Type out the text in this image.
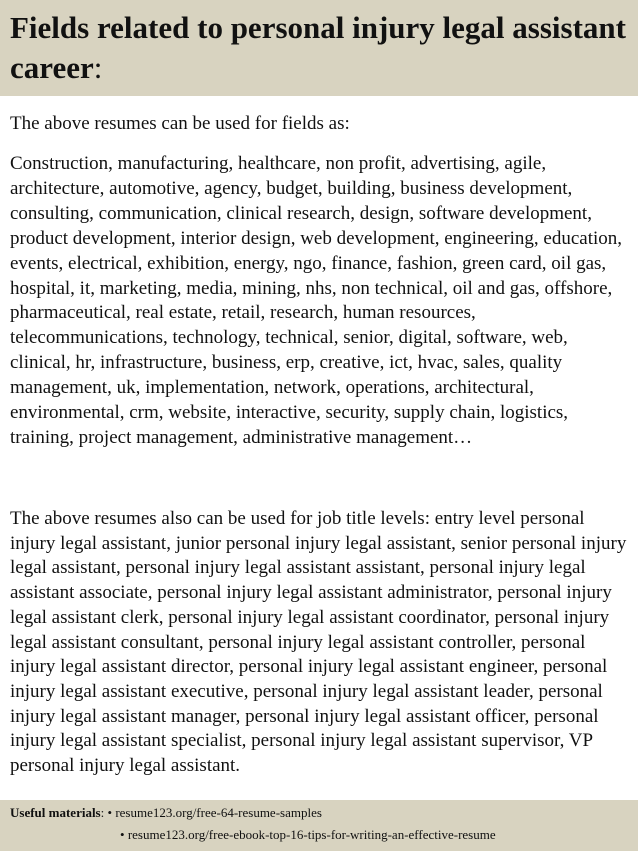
Fields related to personal injury legal assistant career:

The above resumes can be used for fields as:

Construction, manufacturing, healthcare, non profit, advertising, agile, architecture, automotive, agency, budget, building, business development, consulting, communication, clinical research, design, software development, product development, interior design, web development, engineering, education, events, electrical, exhibition, energy, ngo, finance, fashion, green card, oil gas, hospital, it, marketing, media, mining, nhs, non technical, oil and gas, offshore, pharmaceutical, real estate, retail, research, human resources, telecommunications, technology, technical, senior, digital, software, web, clinical, hr, infrastructure, business, erp, creative, ict, hvac, sales, quality management, uk, implementation, network, operations, architectural, environmental, crm, website, interactive, security, supply chain, logistics, training, project management, administrative management…

The above resumes also can be used for job title levels: entry level personal injury legal assistant, junior personal injury legal assistant, senior personal injury legal assistant, personal injury legal assistant assistant, personal injury legal assistant associate, personal injury legal assistant administrator, personal injury legal assistant clerk, personal injury legal assistant coordinator, personal injury legal assistant consultant, personal injury legal assistant controller, personal injury legal assistant director, personal injury legal assistant engineer, personal injury legal assistant executive, personal injury legal assistant leader, personal injury legal assistant manager, personal injury legal assistant officer, personal injury legal assistant specialist, personal injury legal assistant supervisor, VP personal injury legal assistant.

Useful materials: • resume123.org/free-64-resume-samples
• resume123.org/free-ebook-top-16-tips-for-writing-an-effective-resume
